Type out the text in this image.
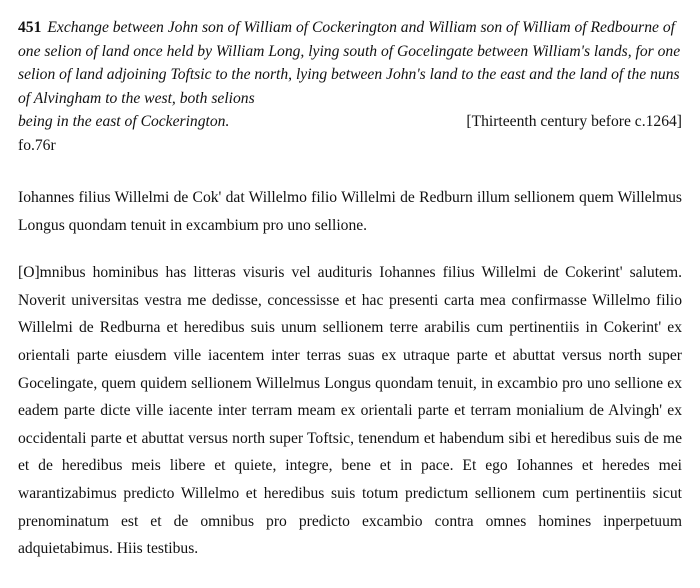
451 Exchange between John son of William of Cockerington and William son of William of Redbourne of one selion of land once held by William Long, lying south of Gocelingate between William's lands, for one selion of land adjoining Toftsic to the north, lying between John's land to the east and the land of the nuns of Alvingham to the west, both selions
being in the east of Cockerington.	[Thirteenth century before c.1264]
fo.76r

Iohannes filius Willelmi de Cok' dat Willelmo filio Willelmi de Redburn illum sellionem quem Willelmus Longus quondam tenuit in excambium pro uno sellione.

[O]mnibus hominibus has litteras visuris vel audituris Iohannes filius Willelmi de Cokerint' salutem. Noverit universitas vestra me dedisse, concessisse et hac presenti carta mea confirmasse Willelmo filio Willelmi de Redburna et heredibus suis unum sellionem terre arabilis cum pertinentiis in Cokerint' ex orientali parte eiusdem ville iacentem inter terras suas ex utraque parte et abuttat versus north super Gocelingate, quem quidem sellionem Willelmus Longus quondam tenuit, in excambio pro uno sellione ex eadem parte dicte ville iacente inter terram meam ex orientali parte et terram monialium de Alvingh' ex occidentali parte et abuttat versus north super Toftsic, tenendum et habendum sibi et heredibus suis de me et de heredibus meis libere et quiete, integre, bene et in pace. Et ego Iohannes et heredes mei warantizabimus predicto Willelmo et heredibus suis totum predictum sellionem cum pertinentiis sicut prenominatum est et de omnibus pro predicto excambio contra omnes homines inperpetuum adquietabimus. Hiis testibus.
